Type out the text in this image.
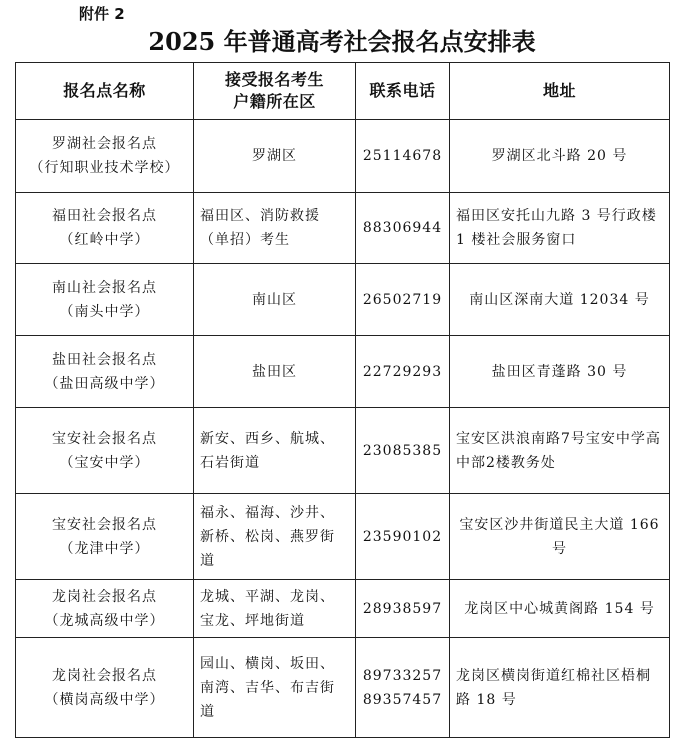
附件 2
2025 年普通高考社会报名点安排表
报名点名称	接受报名考生
户籍所在区	联系电话	地址

罗湖社会报名点
（行知职业技术学校）	罗湖区	25114678	罗湖区北斗路 20 号

福田社会报名点
（红岭中学）	福田区、消防救援（单招）考生	88306944	福田区安托山九路 3 号行政楼 1 楼社会服务窗口

南山社会报名点
（南头中学）	南山区	26502719	南山区深南大道 12034 号

盐田社会报名点
（盐田高级中学）	盐田区	22729293	盐田区青蓬路 30 号

宝安社会报名点
（宝安中学）	新安、西乡、航城、石岩街道	23085385	宝安区洪浪南路7号宝安中学高中部2楼教务处

宝安社会报名点
（龙津中学）	福永、福海、沙井、新桥、松岗、燕罗街道	23590102	宝安区沙井街道民主大道 166 号

龙岗社会报名点
（龙城高级中学）	龙城、平湖、龙岗、宝龙、坪地街道	28938597	龙岗区中心城黄阁路 154 号

龙岗社会报名点
（横岗高级中学）	园山、横岗、坂田、南湾、吉华、布吉街道	89733257
89357457	龙岗区横岗街道红棉社区梧桐路 18 号
